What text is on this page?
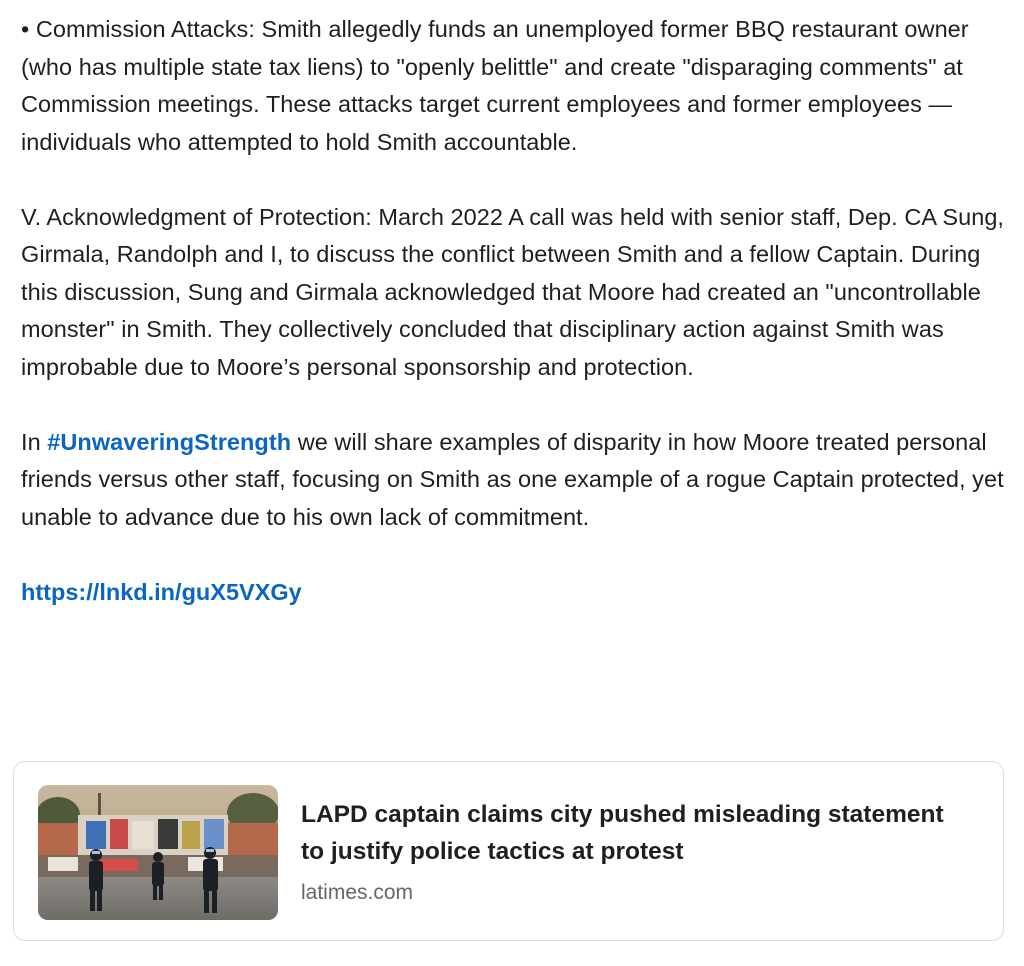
• Commission Attacks: Smith allegedly funds an unemployed former BBQ restaurant owner (who has multiple state tax liens) to "openly belittle" and create "disparaging comments" at Commission meetings. These attacks target current employees and former employees —individuals who attempted to hold Smith accountable.

V. Acknowledgment of Protection: March 2022 A call was held with senior staff, Dep. CA Sung, Girmala, Randolph and I, to discuss the conflict between Smith and a fellow Captain. During this discussion, Sung and Girmala acknowledged that Moore had created an "uncontrollable monster" in Smith. They collectively concluded that disciplinary action against Smith was improbable due to Moore’s personal sponsorship and protection.

In #UnwaveringStrength we will share examples of disparity in how Moore treated personal friends versus other staff, focusing on Smith as one example of a rogue Captain protected, yet unable to advance due to his own lack of commitment.

https://lnkd.in/guX5VXGy

LAPD captain claims city pushed misleading statement to justify police tactics at protest

latimes.com
